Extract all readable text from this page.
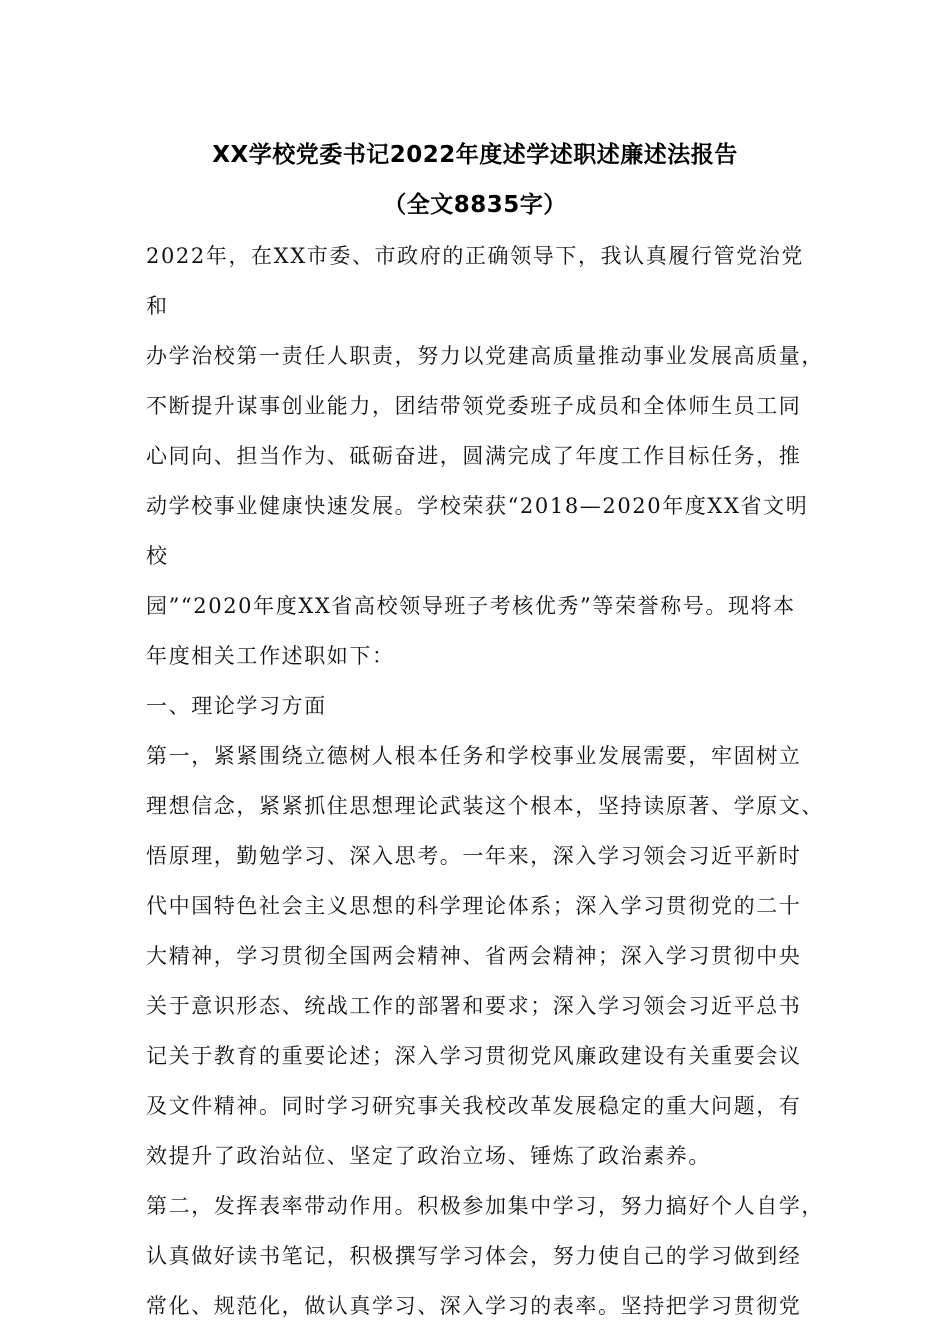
XX学校党委书记2022年度述学述职述廉述法报告
（全文8835字）

2022年，在XX市委、市政府的正确领导下，我认真履行管党治党和
办学治校第一责任人职责，努力以党建高质量推动事业发展高质量，
不断提升谋事创业能力，团结带领党委班子成员和全体师生员工同
心同向、担当作为、砥砺奋进，圆满完成了年度工作目标任务，推
动学校事业健康快速发展。学校荣获“2018—2020年度XX省文明校
园”“2020年度XX省高校领导班子考核优秀”等荣誉称号。现将本
年度相关工作述职如下：

一、理论学习方面

第一，紧紧围绕立德树人根本任务和学校事业发展需要，牢固树立
理想信念，紧紧抓住思想理论武装这个根本，坚持读原著、学原文、
悟原理，勤勉学习、深入思考。一年来，深入学习领会习近平新时
代中国特色社会主义思想的科学理论体系；深入学习贯彻党的二十
大精神，学习贯彻全国两会精神、省两会精神；深入学习贯彻中央
关于意识形态、统战工作的部署和要求；深入学习领会习近平总书
记关于教育的重要论述；深入学习贯彻党风廉政建设有关重要会议
及文件精神。同时学习研究事关我校改革发展稳定的重大问题，有
效提升了政治站位、坚定了政治立场、锤炼了政治素养。

第二，发挥表率带动作用。积极参加集中学习，努力搞好个人自学，
认真做好读书笔记，积极撰写学习体会，努力使自己的学习做到经
常化、规范化，做认真学习、深入学习的表率。坚持把学习贯彻党
